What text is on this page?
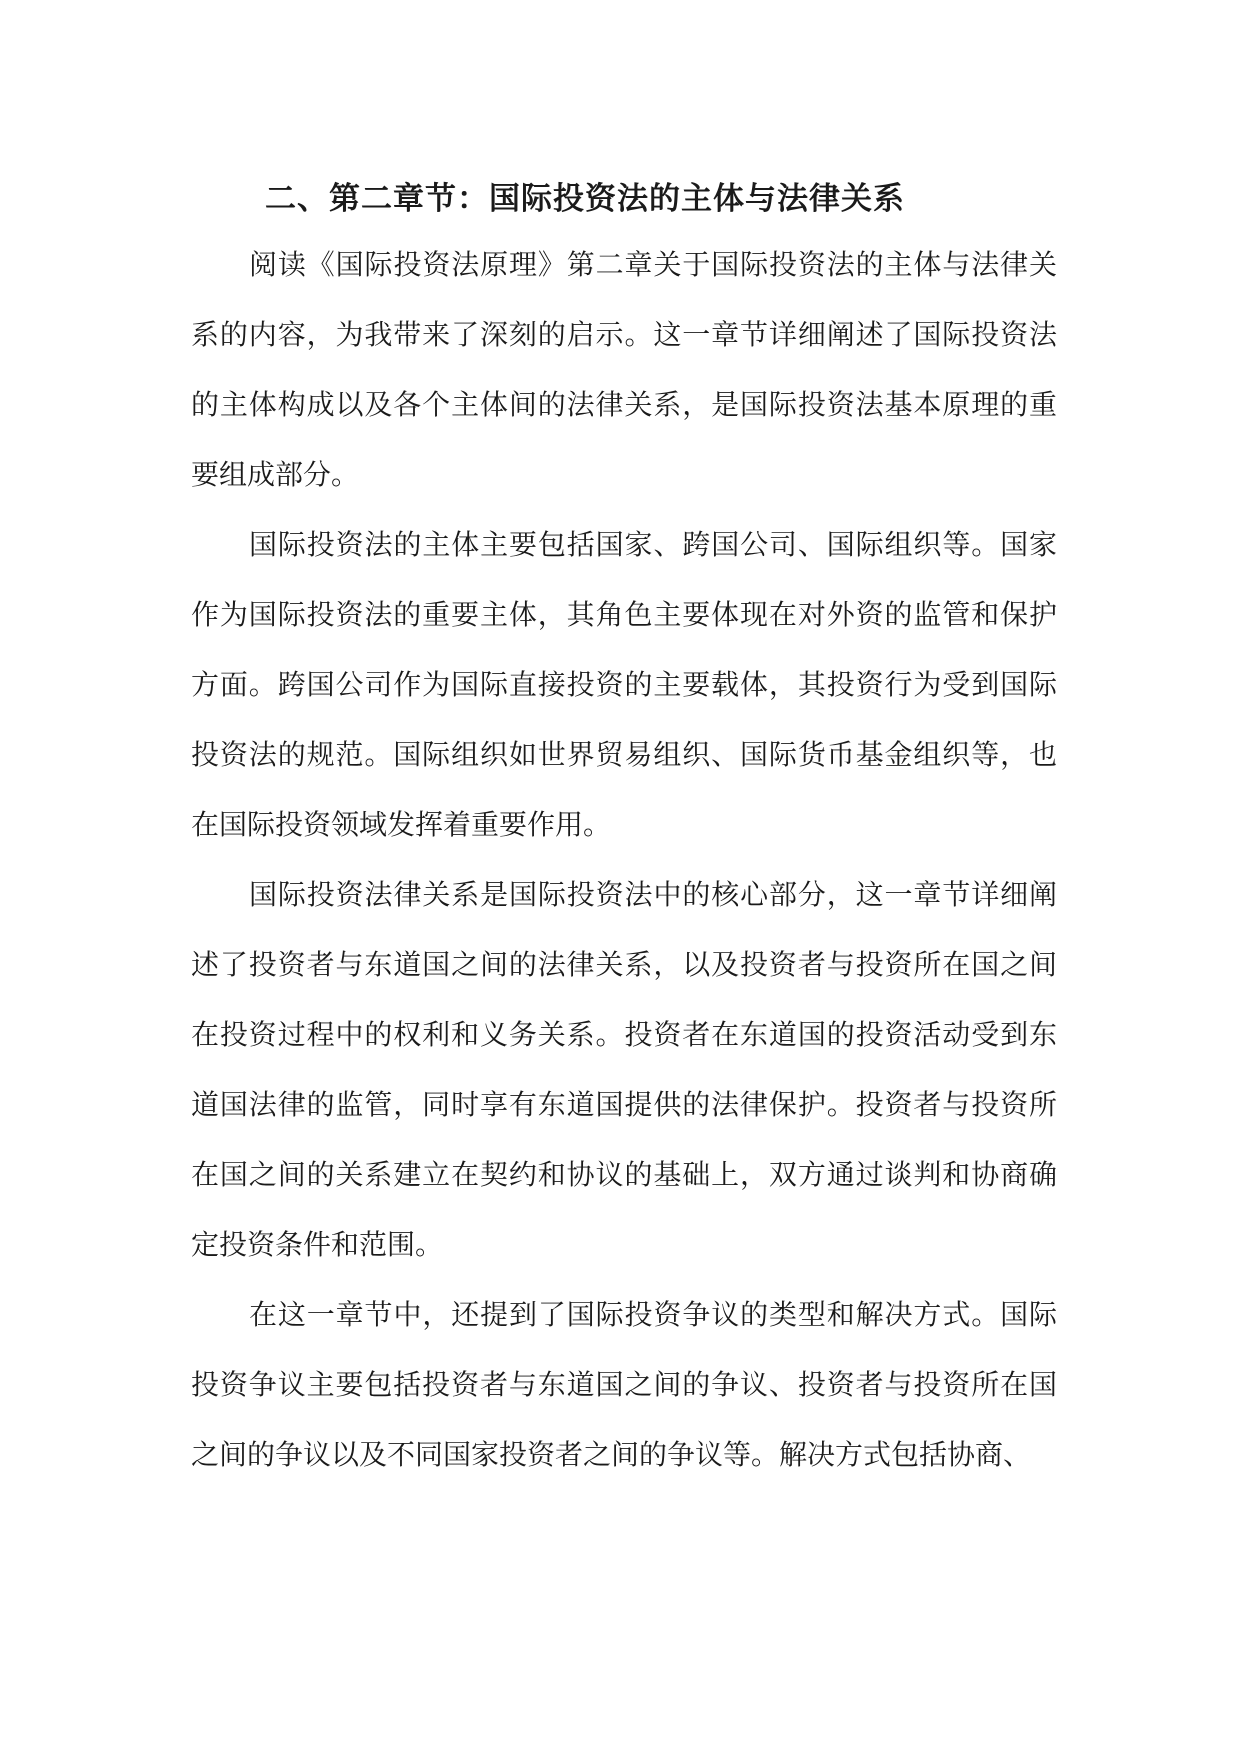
二、第二章节：国际投资法的主体与法律关系

阅读《国际投资法原理》第二章关于国际投资法的主体与法律关系的内容，为我带来了深刻的启示。这一章节详细阐述了国际投资法的主体构成以及各个主体间的法律关系，是国际投资法基本原理的重要组成部分。

国际投资法的主体主要包括国家、跨国公司、国际组织等。国家作为国际投资法的重要主体，其角色主要体现在对外资的监管和保护方面。跨国公司作为国际直接投资的主要载体，其投资行为受到国际投资法的规范。国际组织如世界贸易组织、国际货币基金组织等，也在国际投资领域发挥着重要作用。

国际投资法律关系是国际投资法中的核心部分，这一章节详细阐述了投资者与东道国之间的法律关系，以及投资者与投资所在国之间在投资过程中的权利和义务关系。投资者在东道国的投资活动受到东道国法律的监管，同时享有东道国提供的法律保护。投资者与投资所在国之间的关系建立在契约和协议的基础上，双方通过谈判和协商确定投资条件和范围。

在这一章节中，还提到了国际投资争议的类型和解决方式。国际投资争议主要包括投资者与东道国之间的争议、投资者与投资所在国之间的争议以及不同国家投资者之间的争议等。解决方式包括协商、
